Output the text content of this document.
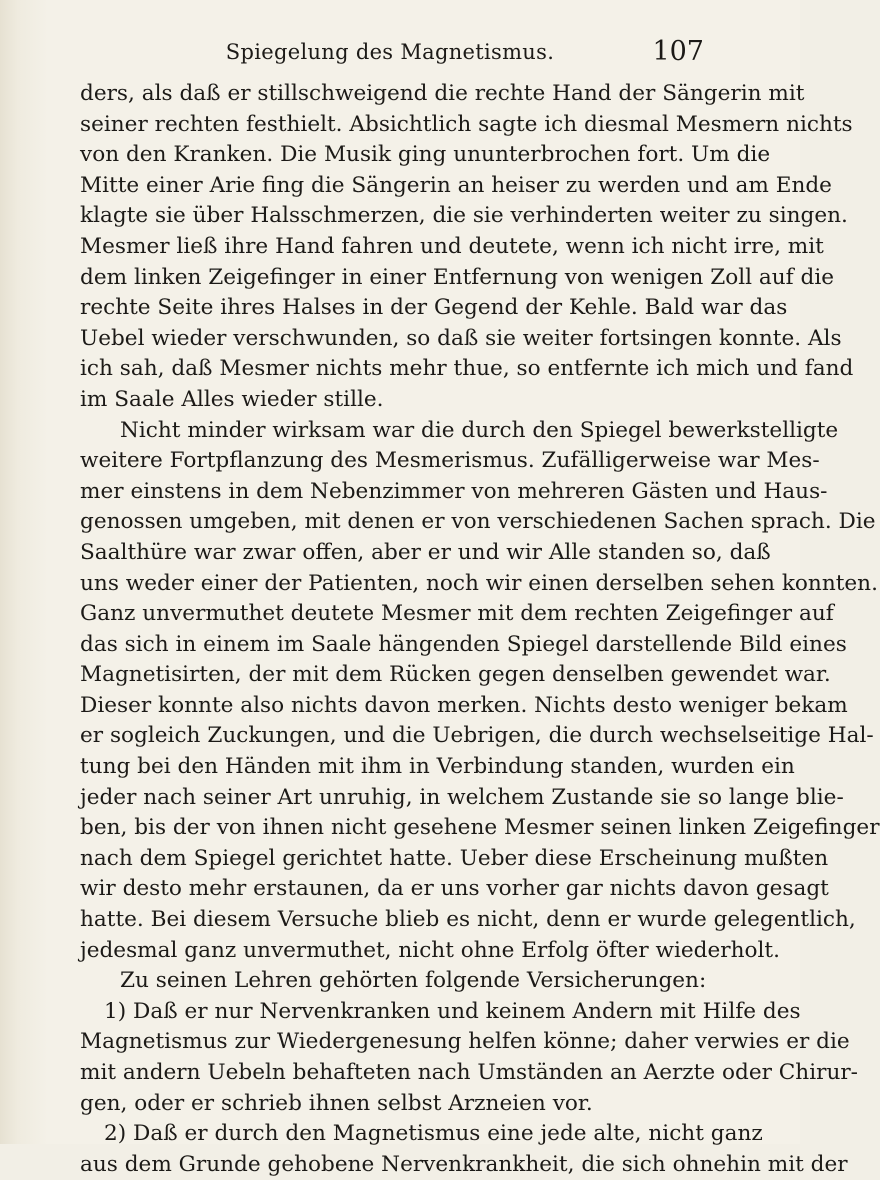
Spiegelung des Magnetismus.	107
ders, als daß er stillschweigend die rechte Hand der Sängerin mit
seiner rechten festhielt. Absichtlich sagte ich diesmal Mesmern nichts
von den Kranken. Die Musik ging ununterbrochen fort. Um die
Mitte einer Arie fing die Sängerin an heiser zu werden und am Ende
klagte sie über Halsschmerzen, die sie verhinderten weiter zu singen.
Mesmer ließ ihre Hand fahren und deutete, wenn ich nicht irre, mit
dem linken Zeigefinger in einer Entfernung von wenigen Zoll auf die
rechte Seite ihres Halses in der Gegend der Kehle. Bald war das
Uebel wieder verschwunden, so daß sie weiter fortsingen konnte. Als
ich sah, daß Mesmer nichts mehr thue, so entfernte ich mich und fand
im Saale Alles wieder stille.
Nicht minder wirksam war die durch den Spiegel bewerkstelligte
weitere Fortpflanzung des Mesmerismus. Zufälligerweise war Mes-
mer einstens in dem Nebenzimmer von mehreren Gästen und Haus-
genossen umgeben, mit denen er von verschiedenen Sachen sprach. Die
Saalthüre war zwar offen, aber er und wir Alle standen so, daß
uns weder einer der Patienten, noch wir einen derselben sehen konnten.
Ganz unvermuthet deutete Mesmer mit dem rechten Zeigefinger auf
das sich in einem im Saale hängenden Spiegel darstellende Bild eines
Magnetisirten, der mit dem Rücken gegen denselben gewendet war.
Dieser konnte also nichts davon merken. Nichts desto weniger bekam
er sogleich Zuckungen, und die Uebrigen, die durch wechselseitige Hal-
tung bei den Händen mit ihm in Verbindung standen, wurden ein
jeder nach seiner Art unruhig, in welchem Zustande sie so lange blie-
ben, bis der von ihnen nicht gesehene Mesmer seinen linken Zeigefinger
nach dem Spiegel gerichtet hatte. Ueber diese Erscheinung mußten
wir desto mehr erstaunen, da er uns vorher gar nichts davon gesagt
hatte. Bei diesem Versuche blieb es nicht, denn er wurde gelegentlich,
jedesmal ganz unvermuthet, nicht ohne Erfolg öfter wiederholt.
Zu seinen Lehren gehörten folgende Versicherungen:
1) Daß er nur Nervenkranken und keinem Andern mit Hilfe des
Magnetismus zur Wiedergenesung helfen könne; daher verwies er die
mit andern Uebeln behafteten nach Umständen an Aerzte oder Chirur-
gen, oder er schrieb ihnen selbst Arzneien vor.
2) Daß er durch den Magnetismus eine jede alte, nicht ganz
aus dem Grunde gehobene Nervenkrankheit, die sich ohnehin mit der
